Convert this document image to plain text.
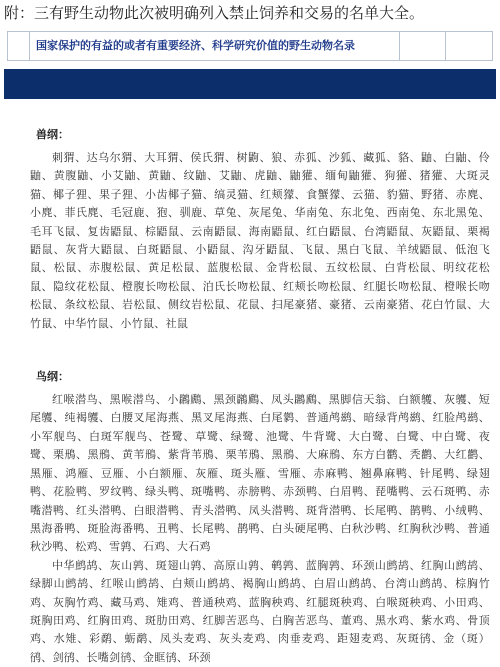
附：三有野生动物此次被明确列入禁止饲养和交易的名单大全。
国家保护的有益的或者有重要经济、科学研究价值的野生动物名录
兽纲：

刺猬、达乌尔猬、大耳猬、侯氏猬、树鼩、狼、赤狐、沙狐、藏狐、貉、鼬、白鼬、伶鼬、黄腹鼬、小艾鼬、黄鼬、纹鼬、艾鼬、虎鼬、鼬獾、缅甸鼬獾、狗獾、猪獾、大斑灵猫、椰子狸、果子狸、小齿椰子猫、缟灵猫、红颊獴、食蟹獴、云猫、豹猫、野猪、赤麂、小麂、菲氏麂、毛冠鹿、狍、驯鹿、草兔、灰尾兔、华南兔、东北兔、西南兔、东北黑兔、毛耳飞鼠、复齿鼯鼠、棕鼯鼠、云南鼯鼠、海南鼯鼠、红白鼯鼠、台湾鼯鼠、灰鼯鼠、栗褐鼯鼠、灰背大鼯鼠、白斑鼯鼠、小鼯鼠、沟牙鼯鼠、飞鼠、黑白飞鼠、羊绒鼯鼠、低泡飞鼠、松鼠、赤腹松鼠、黄足松鼠、蓝腹松鼠、金背松鼠、五纹松鼠、白背松鼠、明纹花松鼠、隐纹花松鼠、橙腹长吻松鼠、泊氏长吻松鼠、红颊长吻松鼠、红腿长吻松鼠、橙喉长吻松鼠、条纹松鼠、岩松鼠、侧纹岩松鼠、花鼠、扫尾豪猪、豪猪、云南豪猪、花白竹鼠、大竹鼠、中华竹鼠、小竹鼠、社鼠

鸟纲：

红喉潜鸟、黑喉潜鸟、小鸊鷉、黑颈鸊鷉、凤头鸊鷉、黑脚信天翁、白额鹱、灰鹱、短尾鹱、纯褐鹱、白腰叉尾海燕、黑叉尾海燕、白尾鹲、普通鸬鹚、暗绿背鸬鹚、红脸鸬鹚、小军舰鸟、白斑军舰鸟、苍鹭、草鹭、绿鹭、池鹭、牛背鹭、大白鹭、白鹭、中白鹭、夜鹭、栗鳽、黑鳽、黄苇鳽、紫背苇鳽、栗苇鳽、黑鳽、大麻鳽、东方白鹳、秃鹳、大红鹳、黑雁、鸿雁、豆雁、小白额雁、灰雁、斑头雁、雪雁、赤麻鸭、翘鼻麻鸭、针尾鸭、绿翅鸭、花脸鸭、罗纹鸭、绿头鸭、斑嘴鸭、赤膀鸭、赤颈鸭、白眉鸭、琵嘴鸭、云石斑鸭、赤嘴潜鸭、红头潜鸭、白眼潜鸭、青头潜鸭、凤头潜鸭、斑背潜鸭、长尾鸭、鹊鸭、小绒鸭、黑海番鸭、斑脸海番鸭、丑鸭、长尾鸭、鹊鸭、白头硬尾鸭、白秋沙鸭、红胸秋沙鸭、普通秋沙鸭、松鸡、雪鹑、石鸡、大石鸡

中华鹧鸪、灰山鹑、斑翅山鹑、高原山鹑、鹌鹑、蓝胸鹑、环颈山鹧鸪、红胸山鹧鸪、绿脚山鹧鸪、红喉山鹧鸪、白颊山鹧鸪、褐胸山鹧鸪、白眉山鹧鸪、台湾山鹧鸪、棕胸竹鸡、灰胸竹鸡、藏马鸡、雉鸡、普通秧鸡、蓝胸秧鸡、红腿斑秧鸡、白喉斑秧鸡、小田鸡、斑胸田鸡、红胸田鸡、斑肋田鸡、红脚苦恶鸟、白胸苦恶鸟、董鸡、黑水鸡、紫水鸡、骨顶鸡、水雉、彩鹬、蛎鹬、凤头麦鸡、灰头麦鸡、肉垂麦鸡、距翅麦鸡、灰斑鸻、金（斑）鸻、剑鸻、长嘴剑鸻、金眶鸻、环颈
